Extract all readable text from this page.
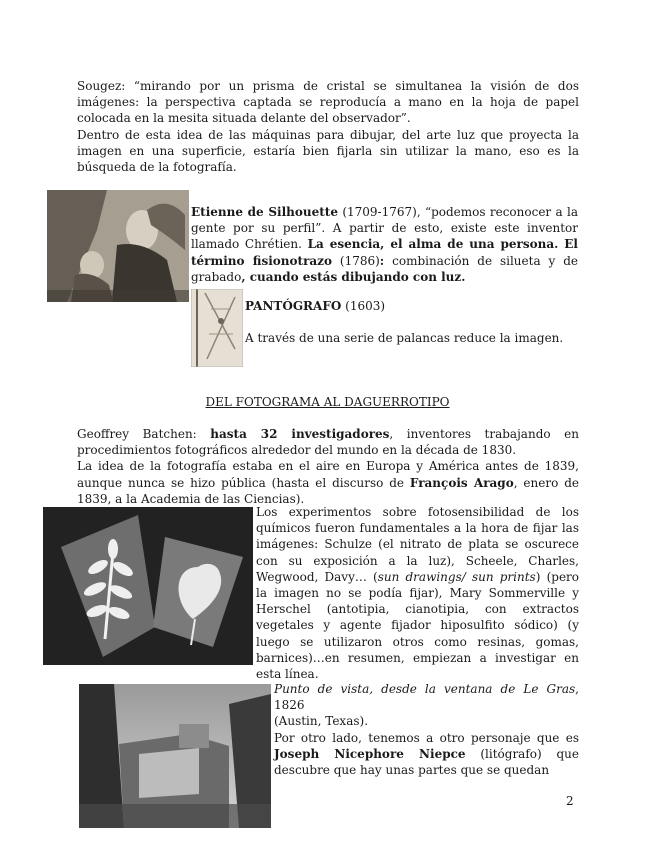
Sougez: “mirando por un prisma de cristal se simultanea la visión de dos imágenes: la perspectiva captada se reproducía a mano en la hoja de papel colocada en la mesita situada delante del observador”.
Dentro de esta idea de las máquinas para dibujar, del arte luz que proyecta la imagen en una superficie, estaría bien fijarla sin utilizar la mano, eso es la búsqueda de la fotografía.

Etienne de Silhouette (1709-1767), “podemos reconocer a la gente por su perfil”. A partir de esto, existe este inventor llamado Chrétien. La esencia, el alma de una persona. El término fisionotrazo (1786): combinación de silueta y de grabado, cuando estás dibujando con luz.

PANTÓGRAFO (1603)
A través de una serie de palancas reduce la imagen.
DEL FOTOGRAMA AL DAGUERROTIPO

Geoffrey Batchen: hasta 32 investigadores, inventores trabajando en procedimientos fotográficos alrededor del mundo en la década de 1830.
La idea de la fotografía estaba en el aire en Europa y América antes de 1839, aunque nunca se hizo pública (hasta el discurso de François Arago, enero de 1839, a la Academia de las Ciencias).

Los experimentos sobre fotosensibilidad de los químicos fueron fundamentales a la hora de fijar las imágenes: Schulze (el nitrato de plata se oscurece con su exposición a la luz), Scheele, Charles, Wegwood, Davy… (sun drawings/ sun prints) (pero la imagen no se podía fijar), Mary Sommerville y Herschel (antotipia, cianotipia, con extractos vegetales y agente fijador hiposulfito sódico) (y luego se utilizaron otros como resinas, gomas, barnices)…en resumen, empiezan a investigar en esta línea.

Punto de vista, desde la ventana de Le Gras, 1826
(Austin, Texas).
Por otro lado, tenemos a otro personaje que es Joseph Nicephore Niepce (litógrafo) que descubre que hay unas partes que se quedan

2
